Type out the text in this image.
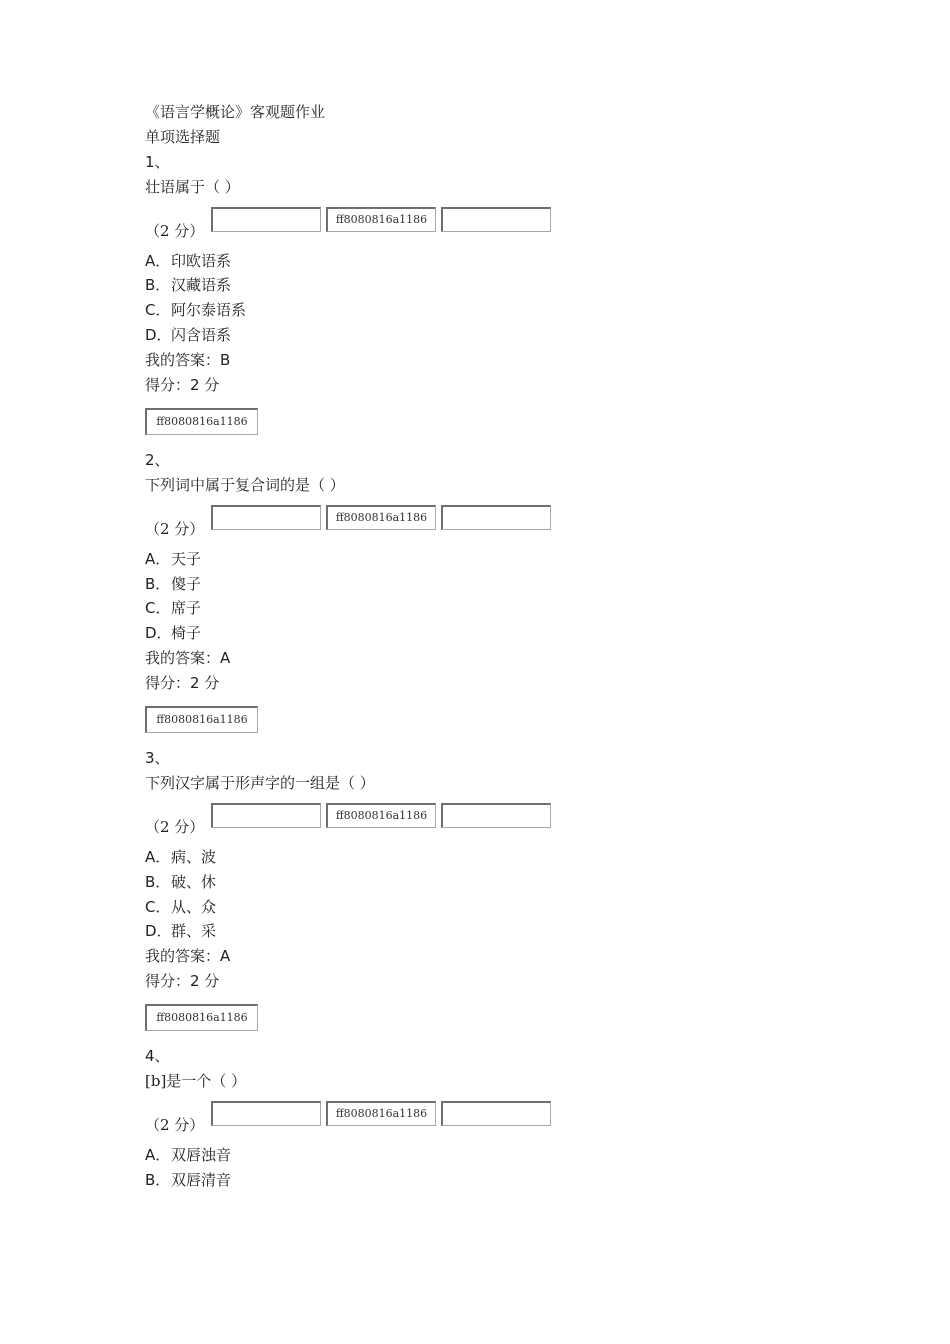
《语言学概论》客观题作业
单项选择题
1、
壮语属于（ ）
（2 分）
ff8080816a1186
A．印欧语系
B．汉藏语系
C．阿尔泰语系
D．闪含语系
我的答案：B
得分：2 分
ff8080816a1186
2、
下列词中属于复合词的是（ ）
（2 分）
ff8080816a1186
A．天子
B．傻子
C．席子
D．椅子
我的答案：A
得分：2 分
ff8080816a1186
3、
下列汉字属于形声字的一组是（ ）
（2 分）
ff8080816a1186
A．病、波
B．破、休
C．从、众
D．群、采
我的答案：A
得分：2 分
ff8080816a1186
4、
[b]是一个（ ）
（2 分）
ff8080816a1186
A．双唇浊音
B．双唇清音
